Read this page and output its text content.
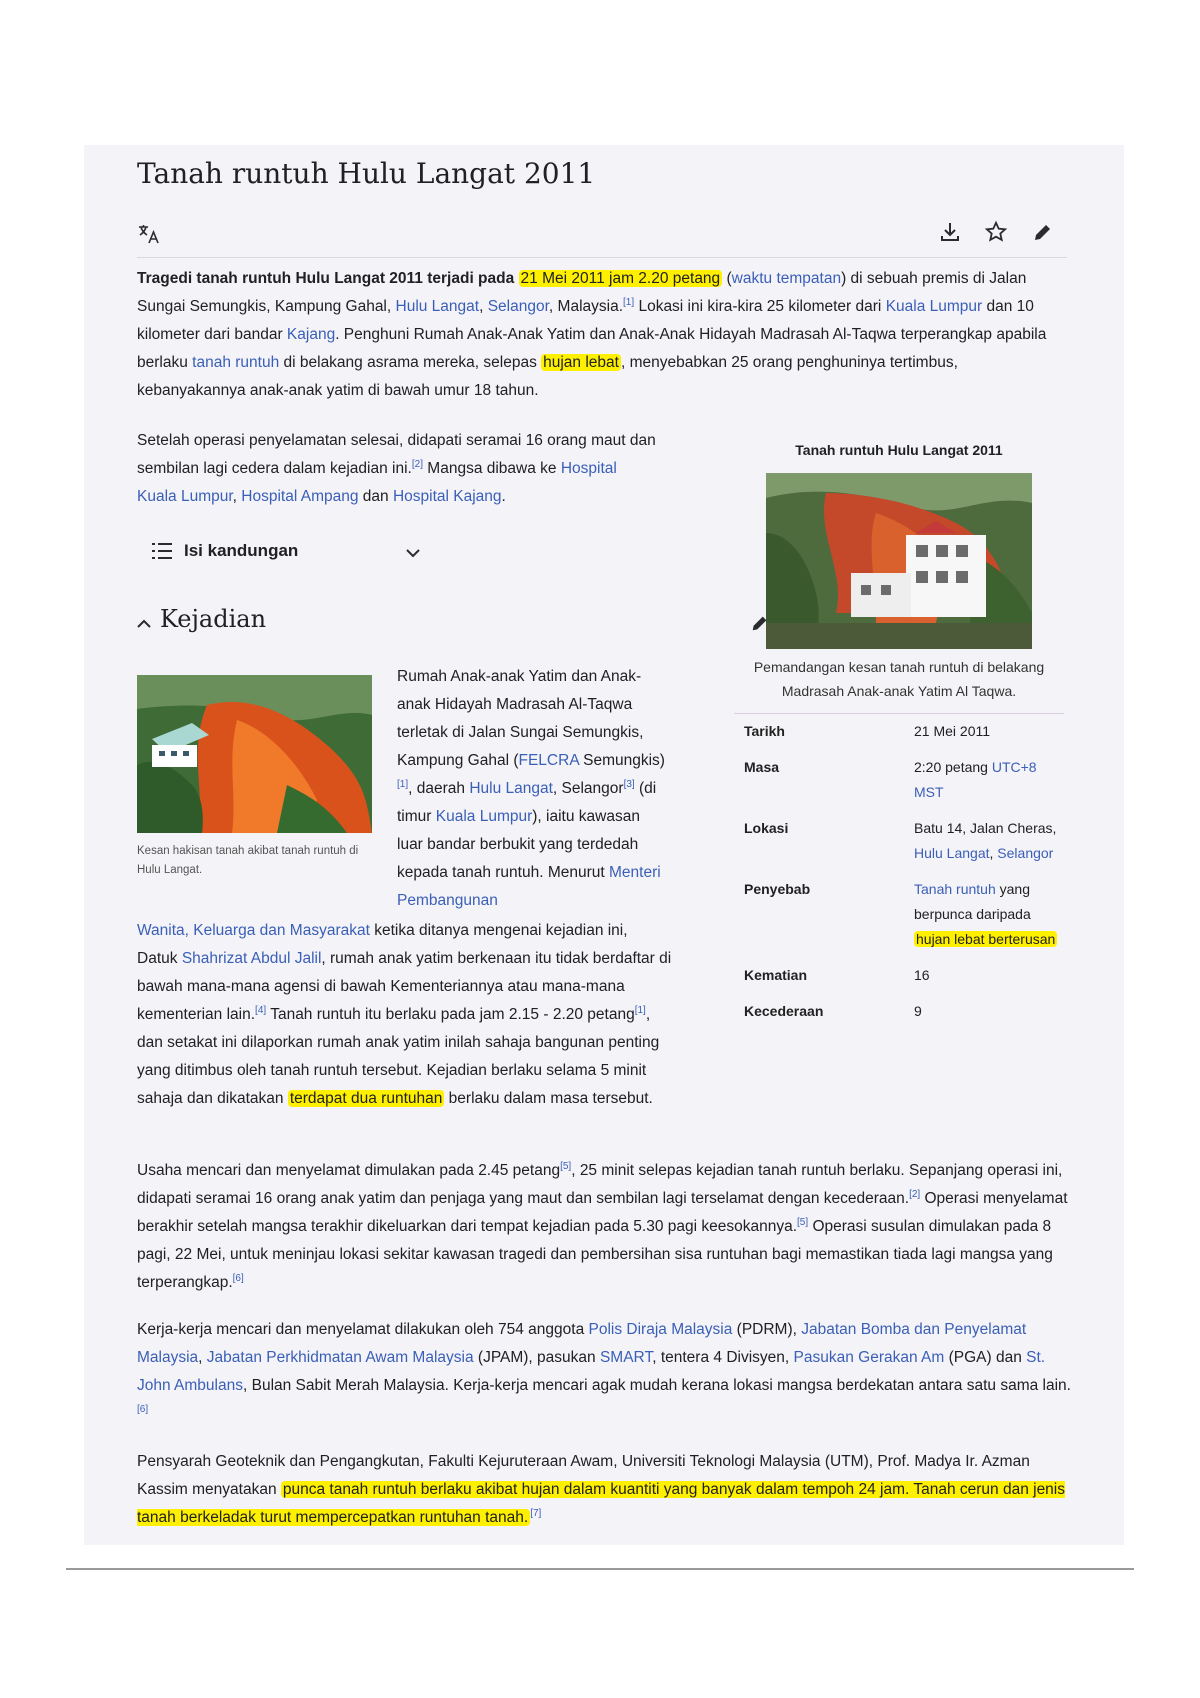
Tanah runtuh Hulu Langat 2011

Tragedi tanah runtuh Hulu Langat 2011 terjadi pada 21 Mei 2011 jam 2.20 petang (waktu tempatan) di sebuah premis di Jalan Sungai Semungkis, Kampung Gahal, Hulu Langat, Selangor, Malaysia.[1] Lokasi ini kira-kira 25 kilometer dari Kuala Lumpur dan 10 kilometer dari bandar Kajang. Penghuni Rumah Anak-Anak Yatim dan Anak-Anak Hidayah Madrasah Al-Taqwa terperangkap apabila berlaku tanah runtuh di belakang asrama mereka, selepas hujan lebat , menyebabkan 25 orang penghuninya tertimbus, kebanyakannya anak-anak yatim di bawah umur 18 tahun.

Setelah operasi penyelamatan selesai, didapati seramai 16 orang maut dan sembilan lagi cedera dalam kejadian ini.[2] Mangsa dibawa ke Hospital Kuala Lumpur, Hospital Ampang dan Hospital Kajang.

Isi kandungan
Kejadian
Kesan hakisan tanah akibat tanah runtuh di Hulu Langat.

Rumah Anak-anak Yatim dan Anak-anak Hidayah Madrasah Al-Taqwa terletak di Jalan Sungai Semungkis, Kampung Gahal (FELCRA Semungkis)[1], daerah Hulu Langat, Selangor[3] (di timur Kuala Lumpur), iaitu kawasan luar bandar berbukit yang terdedah kepada tanah runtuh. Menurut Menteri Pembangunan

Wanita, Keluarga dan Masyarakat ketika ditanya mengenai kejadian ini, Datuk Shahrizat Abdul Jalil, rumah anak yatim berkenaan itu tidak berdaftar di bawah mana-mana agensi di bawah Kementeriannya atau mana-mana kementerian lain.[4] Tanah runtuh itu berlaku pada jam 2.15 - 2.20 petang[1], dan setakat ini dilaporkan rumah anak yatim inilah sahaja bangunan penting yang ditimbus oleh tanah runtuh tersebut. Kejadian berlaku selama 5 minit sahaja dan dikatakan terdapat dua runtuhan berlaku dalam masa tersebut.

Usaha mencari dan menyelamat dimulakan pada 2.45 petang[5], 25 minit selepas kejadian tanah runtuh berlaku. Sepanjang operasi ini, didapati seramai 16 orang anak yatim dan penjaga yang maut dan sembilan lagi terselamat dengan kecederaan.[2] Operasi menyelamat berakhir setelah mangsa terakhir dikeluarkan dari tempat kejadian pada 5.30 pagi keesokannya.[5] Operasi susulan dimulakan pada 8 pagi, 22 Mei, untuk meninjau lokasi sekitar kawasan tragedi dan pembersihan sisa runtuhan bagi memastikan tiada lagi mangsa yang terperangkap.[6]

Kerja-kerja mencari dan menyelamat dilakukan oleh 754 anggota Polis Diraja Malaysia (PDRM), Jabatan Bomba dan Penyelamat Malaysia, Jabatan Perkhidmatan Awam Malaysia (JPAM), pasukan SMART, tentera 4 Divisyen, Pasukan Gerakan Am (PGA) dan St. John Ambulans, Bulan Sabit Merah Malaysia. Kerja-kerja mencari agak mudah kerana lokasi mangsa berdekatan antara satu sama lain.[6]

Pensyarah Geoteknik dan Pengangkutan, Fakulti Kejuruteraan Awam, Universiti Teknologi Malaysia (UTM), Prof. Madya Ir. Azman Kassim menyatakan punca tanah runtuh berlaku akibat hujan dalam kuantiti yang banyak dalam tempoh 24 jam. Tanah cerun dan jenis tanah berkeladak turut mempercepatkan runtuhan tanah. [7]

Tanah runtuh Hulu Langat 2011
Pemandangan kesan tanah runtuh di belakang Madrasah Anak-anak Yatim Al Taqwa.
Tarikh	21 Mei 2011
Masa	2:20 petang UTC+8 MST
Lokasi	Batu 14, Jalan Cheras, Hulu Langat, Selangor
Penyebab	Tanah runtuh yang berpunca daripada hujan lebat berterusan
Kematian	16
Kecederaan	9
